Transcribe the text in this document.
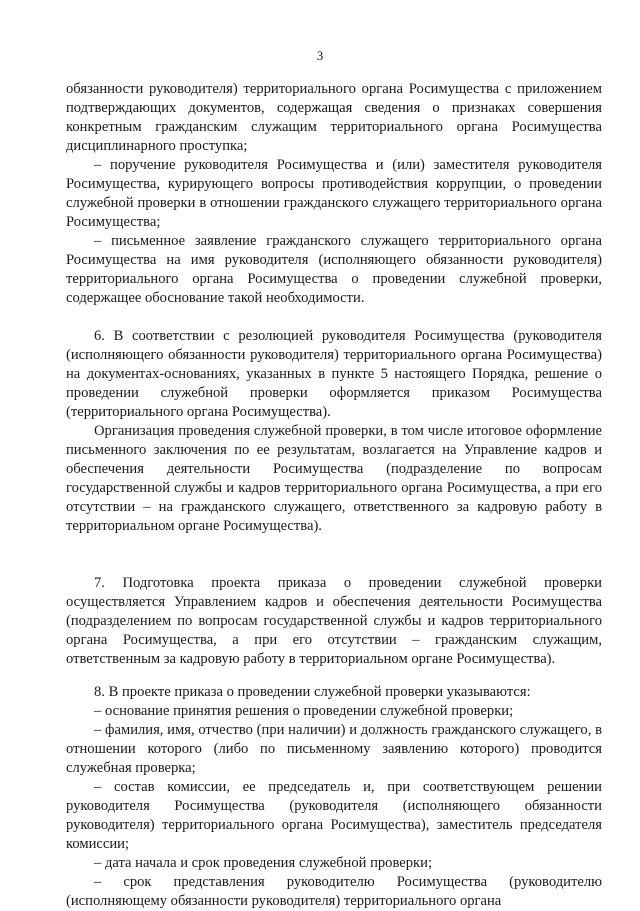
3

обязанности руководителя) территориального органа Росимущества с приложением подтверждающих документов, содержащая сведения о признаках совершения конкретным гражданским служащим территориального органа Росимущества дисциплинарного проступка;

– поручение руководителя Росимущества и (или) заместителя руководителя Росимущества, курирующего вопросы противодействия коррупции, о проведении служебной проверки в отношении гражданского служащего территориального органа Росимущества;

– письменное заявление гражданского служащего территориального органа Росимущества на имя руководителя (исполняющего обязанности руководителя) территориального органа Росимущества о проведении служебной проверки, содержащее обоснование такой необходимости.

6. В соответствии с резолюцией руководителя Росимущества (руководителя (исполняющего обязанности руководителя) территориального органа Росимущества) на документах-основаниях, указанных в пункте 5 настоящего Порядка, решение о проведении служебной проверки оформляется приказом Росимущества (территориального органа Росимущества).

Организация проведения служебной проверки, в том числе итоговое оформление письменного заключения по ее результатам, возлагается на Управление кадров и обеспечения деятельности Росимущества (подразделение по вопросам государственной службы и кадров территориального органа Росимущества, а при его отсутствии – на гражданского служащего, ответственного за кадровую работу в территориальном органе Росимущества).

7. Подготовка проекта приказа о проведении служебной проверки осуществляется Управлением кадров и обеспечения деятельности Росимущества (подразделением по вопросам государственной службы и кадров территориального органа Росимущества, а при его отсутствии – гражданским служащим, ответственным за кадровую работу в территориальном органе Росимущества).

8. В проекте приказа о проведении служебной проверки указываются:

– основание принятия решения о проведении служебной проверки;

– фамилия, имя, отчество (при наличии) и должность гражданского служащего, в отношении которого (либо по письменному заявлению которого) проводится служебная проверка;

– состав комиссии, ее председатель и, при соответствующем решении руководителя Росимущества (руководителя (исполняющего обязанности руководителя) территориального органа Росимущества), заместитель председателя комиссии;

– дата начала и срок проведения служебной проверки;

– срок представления руководителю Росимущества (руководителю (исполняющему обязанности руководителя) территориального органа
